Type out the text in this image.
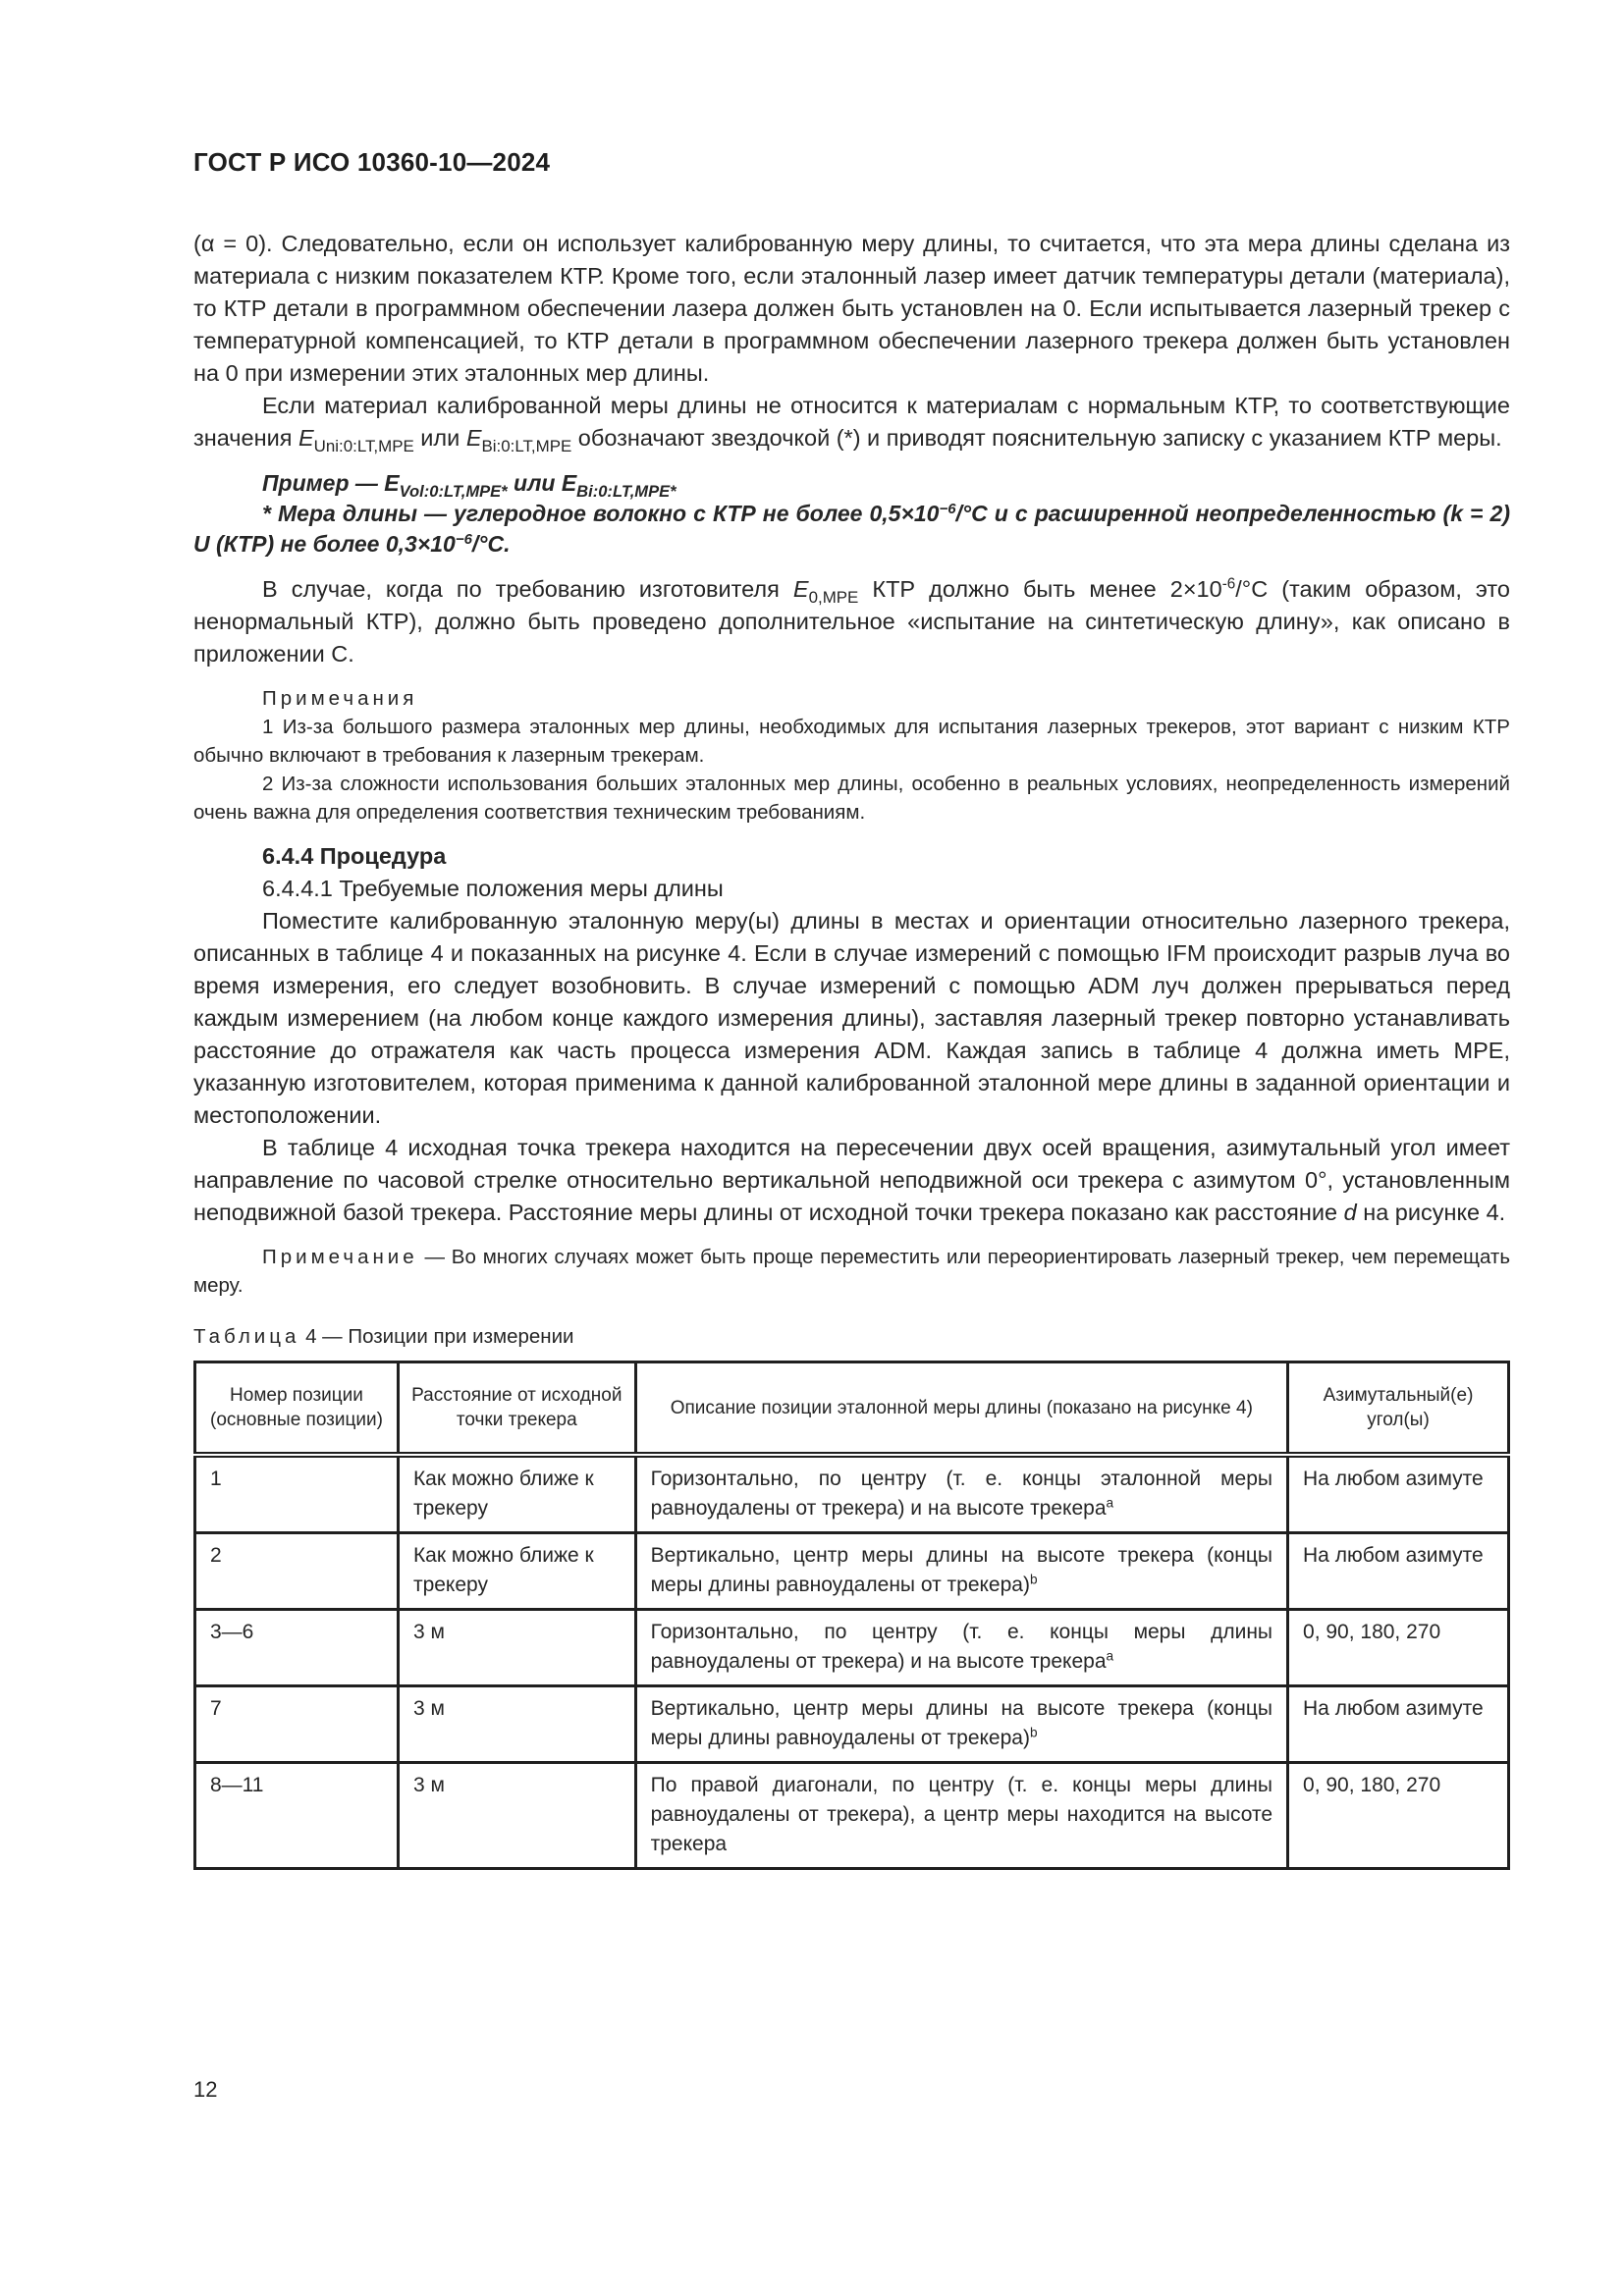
ГОСТ Р ИСО 10360-10—2024

(α = 0). Следовательно, если он использует калиброванную меру длины, то считается, что эта мера длины сделана из материала с низким показателем КТР. Кроме того, если эталонный лазер имеет датчик температуры детали (материала), то КТР детали в программном обеспечении лазера должен быть установлен на 0. Если испытывается лазерный трекер с температурной компенсацией, то КТР детали в программном обеспечении лазерного трекера должен быть установлен на 0 при измерении этих эталонных мер длины.

Если материал калиброванной меры длины не относится к материалам с нормальным КТР, то соответствующие значения $E_{Uni:0:LT,MPE}$ или $E_{Bi:0:LT,MPE}$ обозначают звездочкой (*) и приводят пояснительную записку с указанием КТР меры.

Пример — $E_{Vol:0:LT,MPE*}$ или $E_{Bi:0:LT,MPE*}$

* Мера длины — углеродное волокно с КТР не более $0,5\times 10^{-6}/^\circ C$ и с расширенной неопределенностью (k = 2) U (КТР) не более $0,3\times 10^{-6}/^\circ C$.

В случае, когда по требованию изготовителя $E_{0,MPE}$ КТР должно быть менее $2\times 10^{-6}/^\circ C$ (таким образом, это ненормальный КТР), должно быть проведено дополнительное «испытание на синтетическую длину», как описано в приложении C.

Примечания

1 Из-за большого размера эталонных мер длины, необходимых для испытания лазерных трекеров, этот вариант с низким КТР обычно включают в требования к лазерным трекерам.

2 Из-за сложности использования больших эталонных мер длины, особенно в реальных условиях, неопределенность измерений очень важна для определения соответствия техническим требованиям.

6.4.4 Процедура

6.4.4.1 Требуемые положения меры длины

Поместите калиброванную эталонную меру(ы) длины в местах и ориентации относительно лазерного трекера, описанных в таблице 4 и показанных на рисунке 4. Если в случае измерений с помощью IFM происходит разрыв луча во время измерения, его следует возобновить. В случае измерений с помощью ADM луч должен прерываться перед каждым измерением (на любом конце каждого измерения длины), заставляя лазерный трекер повторно устанавливать расстояние до отражателя как часть процесса измерения ADM. Каждая запись в таблице 4 должна иметь MPE, указанную изготовителем, которая применима к данной калиброванной эталонной мере длины в заданной ориентации и местоположении.

В таблице 4 исходная точка трекера находится на пересечении двух осей вращения, азимутальный угол имеет направление по часовой стрелке относительно вертикальной неподвижной оси трекера с азимутом 0°, установленным неподвижной базой трекера. Расстояние меры длины от исходной точки трекера показано как расстояние d на рисунке 4.

Примечание — Во многих случаях может быть проще переместить или переориентировать лазерный трекер, чем перемещать меру.

Таблица 4 — Позиции при измерении

Номер позиции (основные позиции)	Расстояние от исходной точки трекера	Описание позиции эталонной меры длины (показано на рисунке 4)	Азимутальный(е) угол(ы)
1	Как можно ближе к трекеру	Горизонтально, по центру (т. е. концы эталонной меры равноудалены от трекера) и на высоте трекера$^a$	На любом азимуте
2	Как можно ближе к трекеру	Вертикально, центр меры длины на высоте трекера (концы меры длины равноудалены от трекера)$^b$	На любом азимуте
3—6	3 м	Горизонтально, по центру (т. е. концы меры длины равноудалены от трекера) и на высоте трекера$^a$	0, 90, 180, 270
7	3 м	Вертикально, центр меры длины на высоте трекера (концы меры длины равноудалены от трекера)$^b$	На любом азимуте
8—11	3 м	По правой диагонали, по центру (т. е. концы меры длины равноудалены от трекера), а центр меры находится на высоте трекера	0, 90, 180, 270
12
